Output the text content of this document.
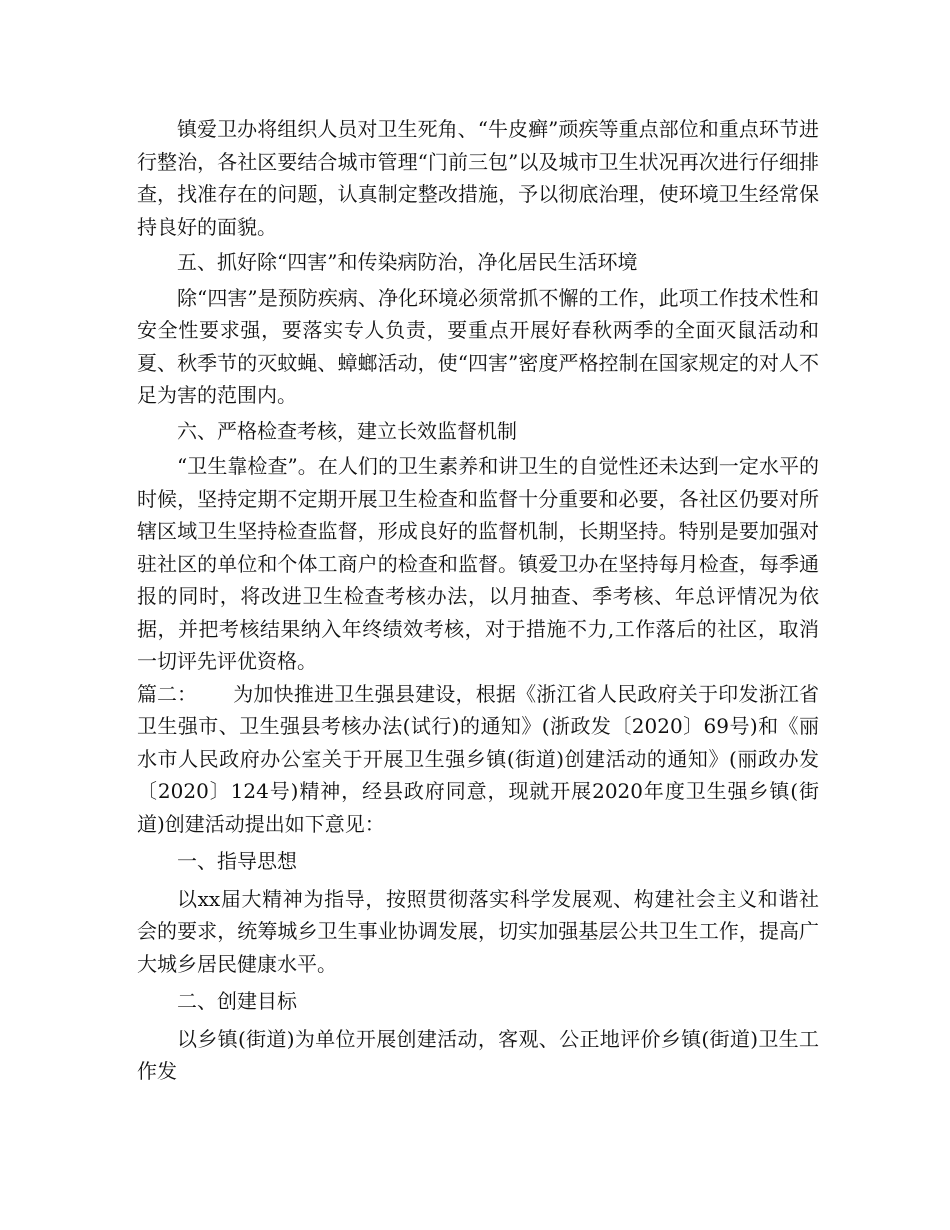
镇爱卫办将组织人员对卫生死角、“牛皮癣”顽疾等重点部位和重点环节进行整治，各社区要结合城市管理“门前三包”以及城市卫生状况再次进行仔细排查，找准存在的问题，认真制定整改措施，予以彻底治理，使环境卫生经常保持良好的面貌。

五、抓好除“四害”和传染病防治，净化居民生活环境

除“四害”是预防疾病、净化环境必须常抓不懈的工作，此项工作技术性和安全性要求强，要落实专人负责，要重点开展好春秋两季的全面灭鼠活动和夏、秋季节的灭蚊蝇、蟑螂活动，使“四害”密度严格控制在国家规定的对人不足为害的范围内。

六、严格检查考核，建立长效监督机制

“卫生靠检查”。在人们的卫生素养和讲卫生的自觉性还未达到一定水平的时候，坚持定期不定期开展卫生检查和监督十分重要和必要，各社区仍要对所辖区域卫生坚持检查监督，形成良好的监督机制，长期坚持。特别是要加强对驻社区的单位和个体工商户的检查和监督。镇爱卫办在坚持每月检查，每季通报的同时，将改进卫生检查考核办法，以月抽查、季考核、年总评情况为依据，并把考核结果纳入年终绩效考核，对于措施不力,工作落后的社区，取消一切评先评优资格。

篇二： 为加快推进卫生强县建设，根据《浙江省人民政府关于印发浙江省卫生强市、卫生强县考核办法(试行)的通知》(浙政发〔2020〕69号)和《丽水市人民政府办公室关于开展卫生强乡镇(街道)创建活动的通知》(丽政办发〔2020〕124号)精神，经县政府同意，现就开展2020年度卫生强乡镇(街道)创建活动提出如下意见：

一、指导思想

以xx届大精神为指导，按照贯彻落实科学发展观、构建社会主义和谐社会的要求，统筹城乡卫生事业协调发展，切实加强基层公共卫生工作，提高广大城乡居民健康水平。

二、创建目标

以乡镇(街道)为单位开展创建活动，客观、公正地评价乡镇(街道)卫生工作发
